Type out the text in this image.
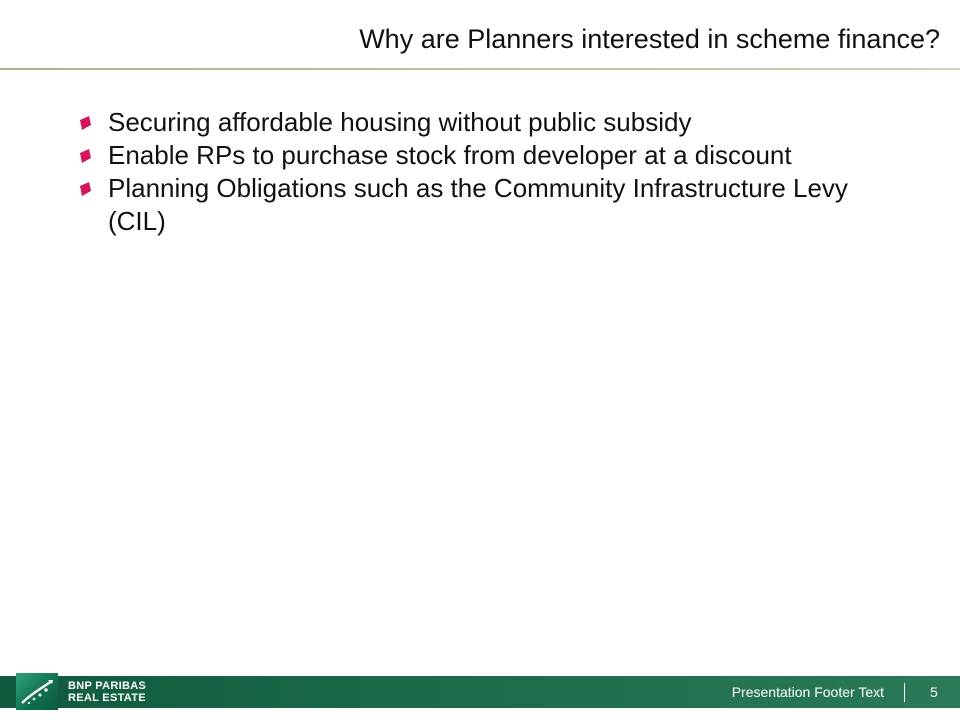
Why are Planners interested in scheme finance?
Securing affordable housing without public subsidy
Enable RPs to purchase stock from developer at a discount
Planning Obligations such as the Community Infrastructure Levy (CIL)
BNP PARIBAS
REAL ESTATE	Presentation Footer Text	5
